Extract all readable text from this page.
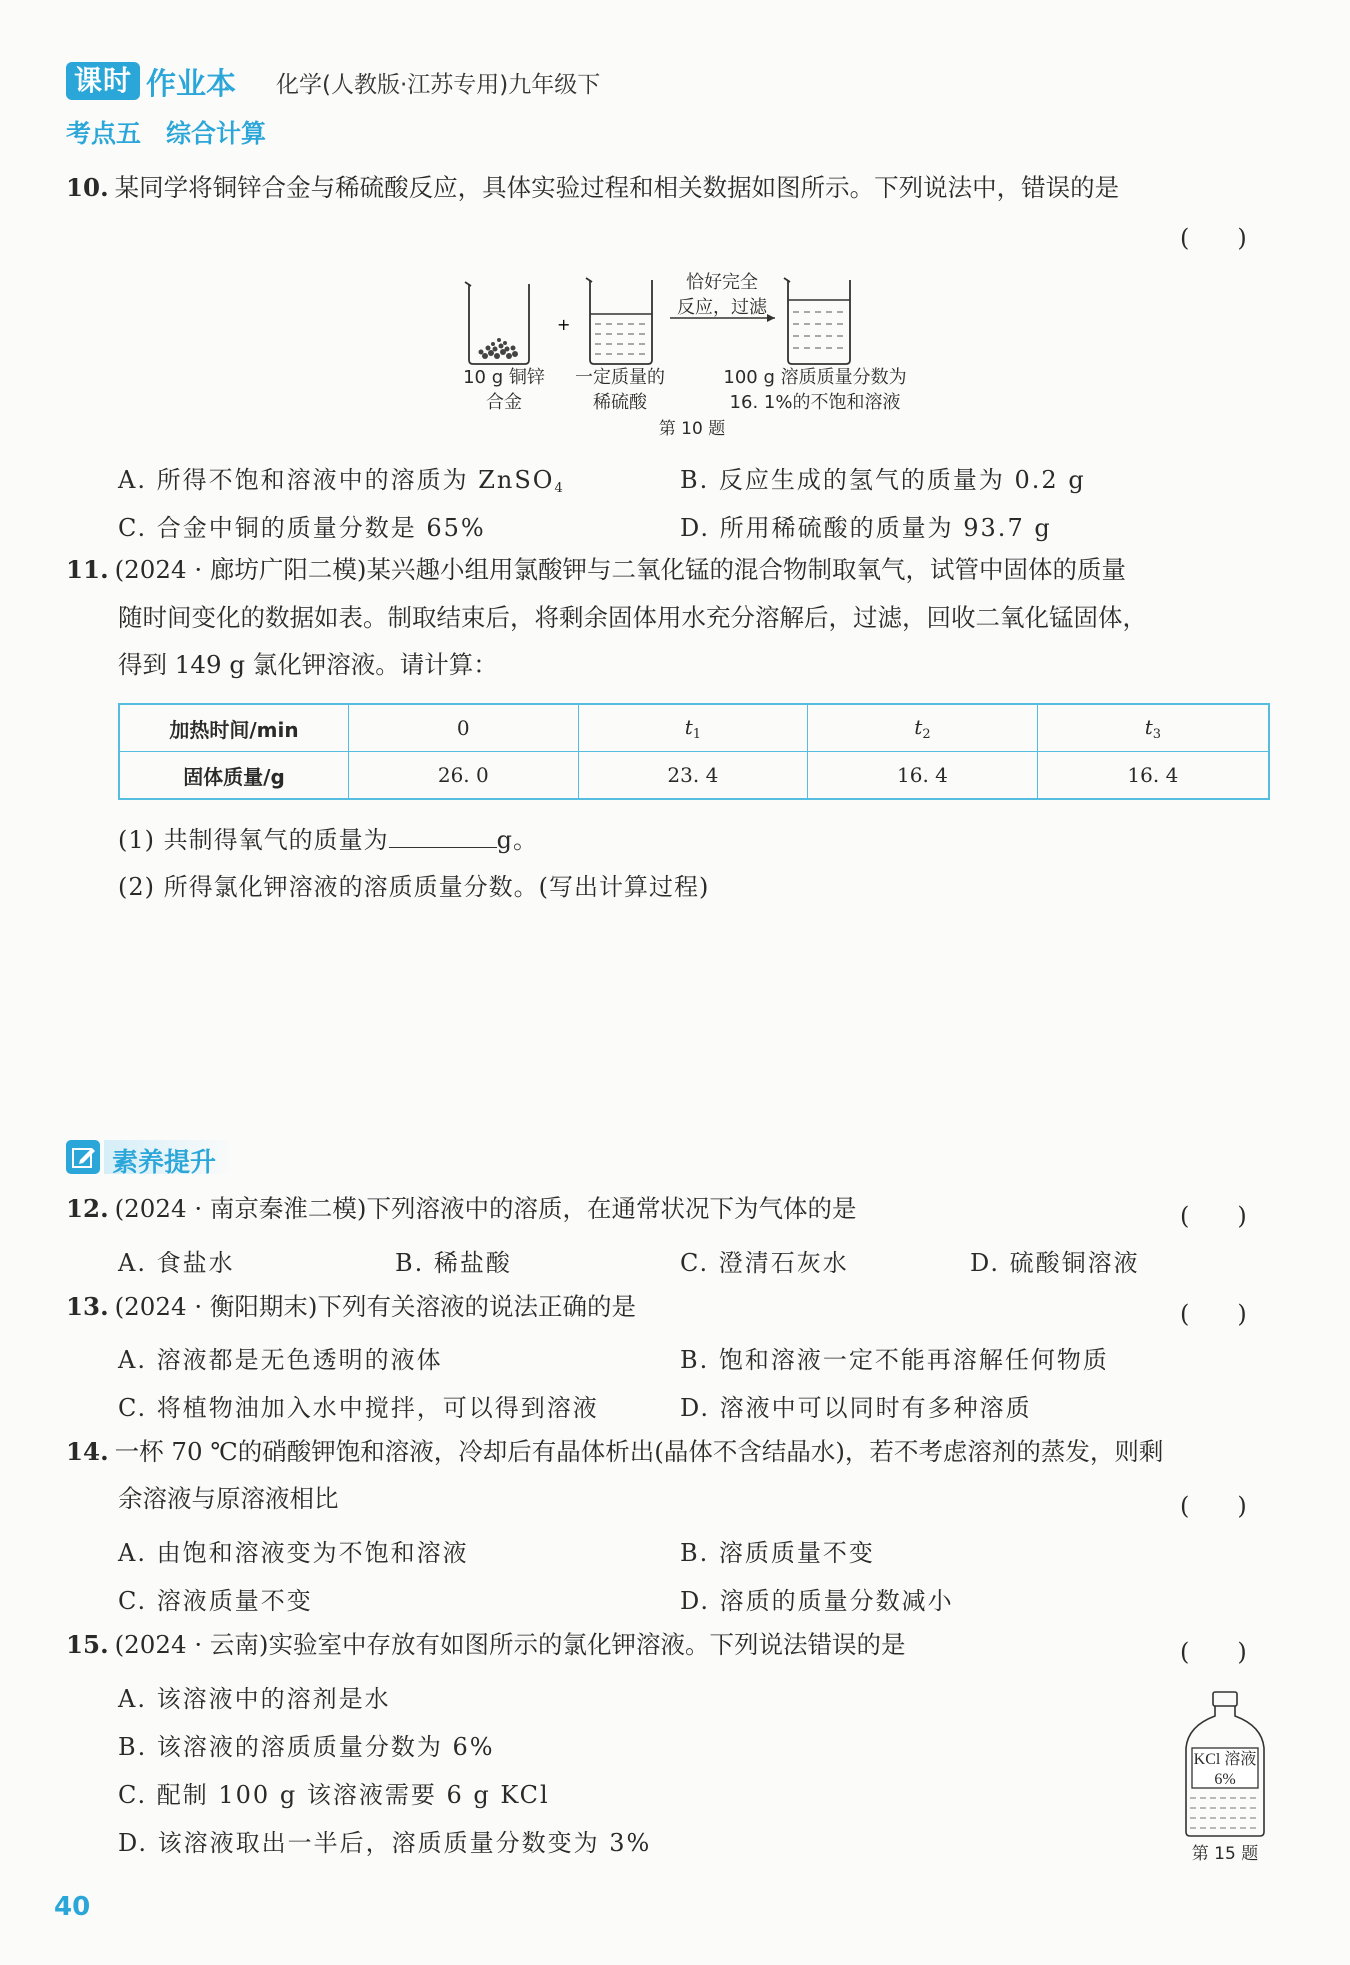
课时 作业本 化学(人教版·江苏专用)九年级下
考点五　综合计算
10. 某同学将铜锌合金与稀硫酸反应，具体实验过程和相关数据如图所示。下列说法中，错误的是
(　　)
+
恰好完全
反应，过滤
10 g 铜锌
合金
一定质量的
稀硫酸
100 g 溶质质量分数为
16. 1%的不饱和溶液
第 10 题
A. 所得不饱和溶液中的溶质为 ZnSO$_4$	B. 反应生成的氢气的质量为 0.2 g
C. 合金中铜的质量分数是 65%	D. 所用稀硫酸的质量为 93.7 g
11. (2024 · 廊坊广阳二模)某兴趣小组用氯酸钾与二氧化锰的混合物制取氧气，试管中固体的质量
随时间变化的数据如表。制取结束后，将剩余固体用水充分溶解后，过滤，回收二氧化锰固体，
得到 149 g 氯化钾溶液。请计算：
加热时间/min	0	$t_1$	$t_2$	$t_3$
固体质量/g	26. 0	23. 4	16. 4	16. 4
(1) 共制得氧气的质量为	g。
(2) 所得氯化钾溶液的溶质质量分数。(写出计算过程)
素养提升
12. (2024 · 南京秦淮二模)下列溶液中的溶质，在通常状况下为气体的是	(　　)
A. 食盐水	B. 稀盐酸	C. 澄清石灰水	D. 硫酸铜溶液
13. (2024 · 衡阳期末)下列有关溶液的说法正确的是	(　　)
A. 溶液都是无色透明的液体	B. 饱和溶液一定不能再溶解任何物质
C. 将植物油加入水中搅拌，可以得到溶液	D. 溶液中可以同时有多种溶质
14. 一杯 70 ℃的硝酸钾饱和溶液，冷却后有晶体析出(晶体不含结晶水)，若不考虑溶剂的蒸发，则剩
余溶液与原溶液相比	(　　)
A. 由饱和溶液变为不饱和溶液	B. 溶质质量不变
C. 溶液质量不变	D. 溶质的质量分数减小
15. (2024 · 云南)实验室中存放有如图所示的氯化钾溶液。下列说法错误的是	(　　)
A. 该溶液中的溶剂是水
B. 该溶液的溶质质量分数为 6%
C. 配制 100 g 该溶液需要 6 g KCl
D. 该溶液取出一半后，溶质质量分数变为 3%
KCl 溶液
6%
第 15 题
40
